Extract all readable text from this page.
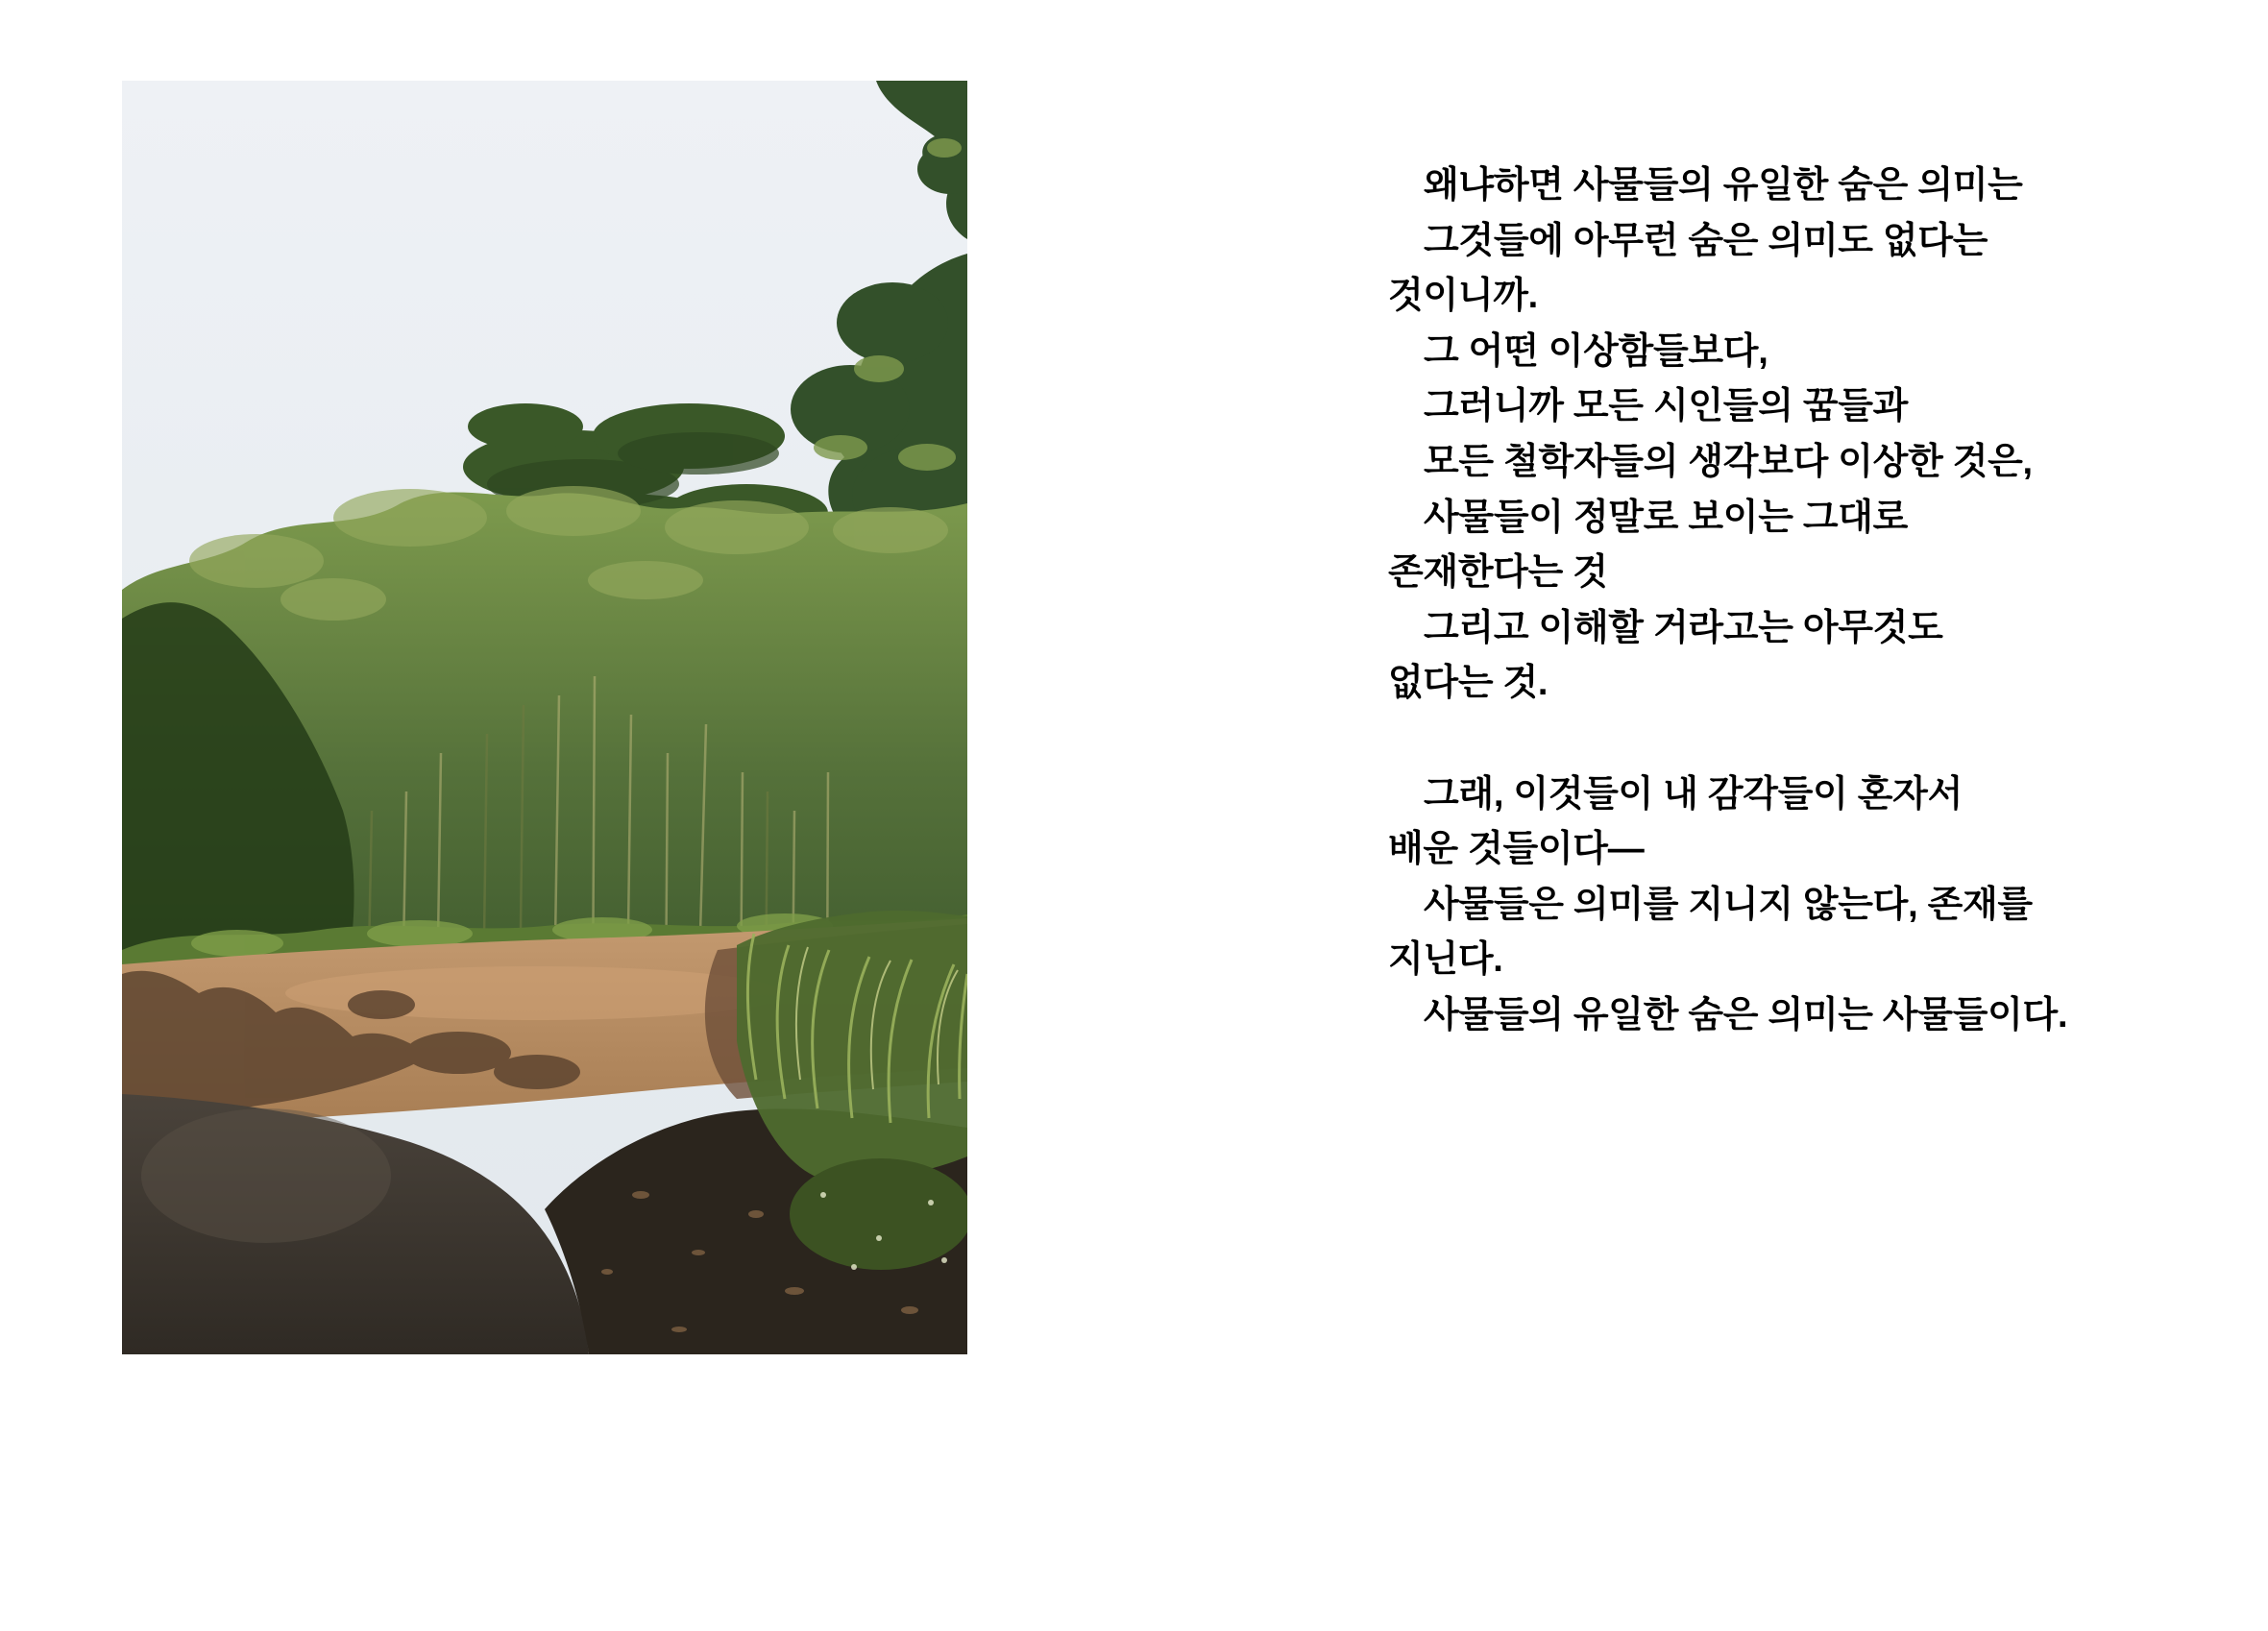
왜냐하면 사물들의 유일한 숨은 의미는
그것들에 아무런 숨은 의미도 없다는
것이니까.
그 어떤 이상함들보다,
그러니까 모든 시인들의 꿈들과
모든 철학자들의 생각보다 이상한 것은,
사물들이 정말로 보이는 그대로
존재한다는 것
그리고 이해할 거라고는 아무것도
없다는 것.
그래, 이것들이 내 감각들이 혼자서
배운 것들이다—
사물들은 의미를 지니지 않는다, 존재를
지닌다.
사물들의 유일한 숨은 의미는 사물들이다.
